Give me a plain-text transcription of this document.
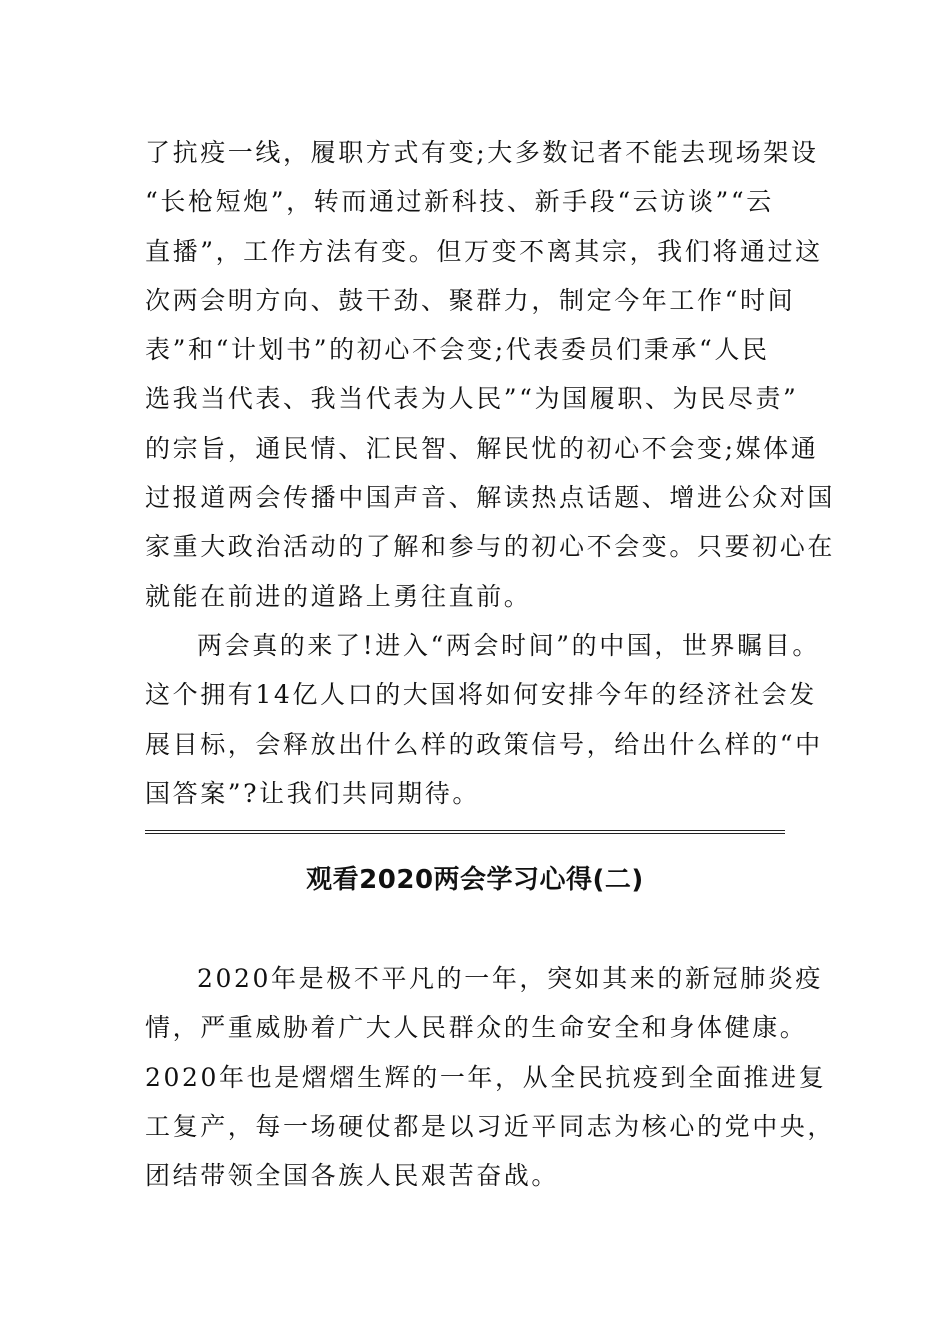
了抗疫一线，履职方式有变;大多数记者不能去现场架设
“长枪短炮”，转而通过新科技、新手段“云访谈”“云
直播”，工作方法有变。但万变不离其宗，我们将通过这
次两会明方向、鼓干劲、聚群力，制定今年工作“时间
表”和“计划书”的初心不会变;代表委员们秉承“人民
选我当代表、我当代表为人民”“为国履职、为民尽责”
的宗旨，通民情、汇民智、解民忧的初心不会变;媒体通
过报道两会传播中国声音、解读热点话题、增进公众对国
家重大政治活动的了解和参与的初心不会变。只要初心在
就能在前进的道路上勇往直前。
两会真的来了!进入“两会时间”的中国，世界瞩目。
这个拥有14亿人口的大国将如何安排今年的经济社会发
展目标，会释放出什么样的政策信号，给出什么样的“中
国答案”?让我们共同期待。
观看2020两会学习心得(二)
2020年是极不平凡的一年，突如其来的新冠肺炎疫
情，严重威胁着广大人民群众的生命安全和身体健康。
2020年也是熠熠生辉的一年，从全民抗疫到全面推进复
工复产，每一场硬仗都是以习近平同志为核心的党中央，
团结带领全国各族人民艰苦奋战。
